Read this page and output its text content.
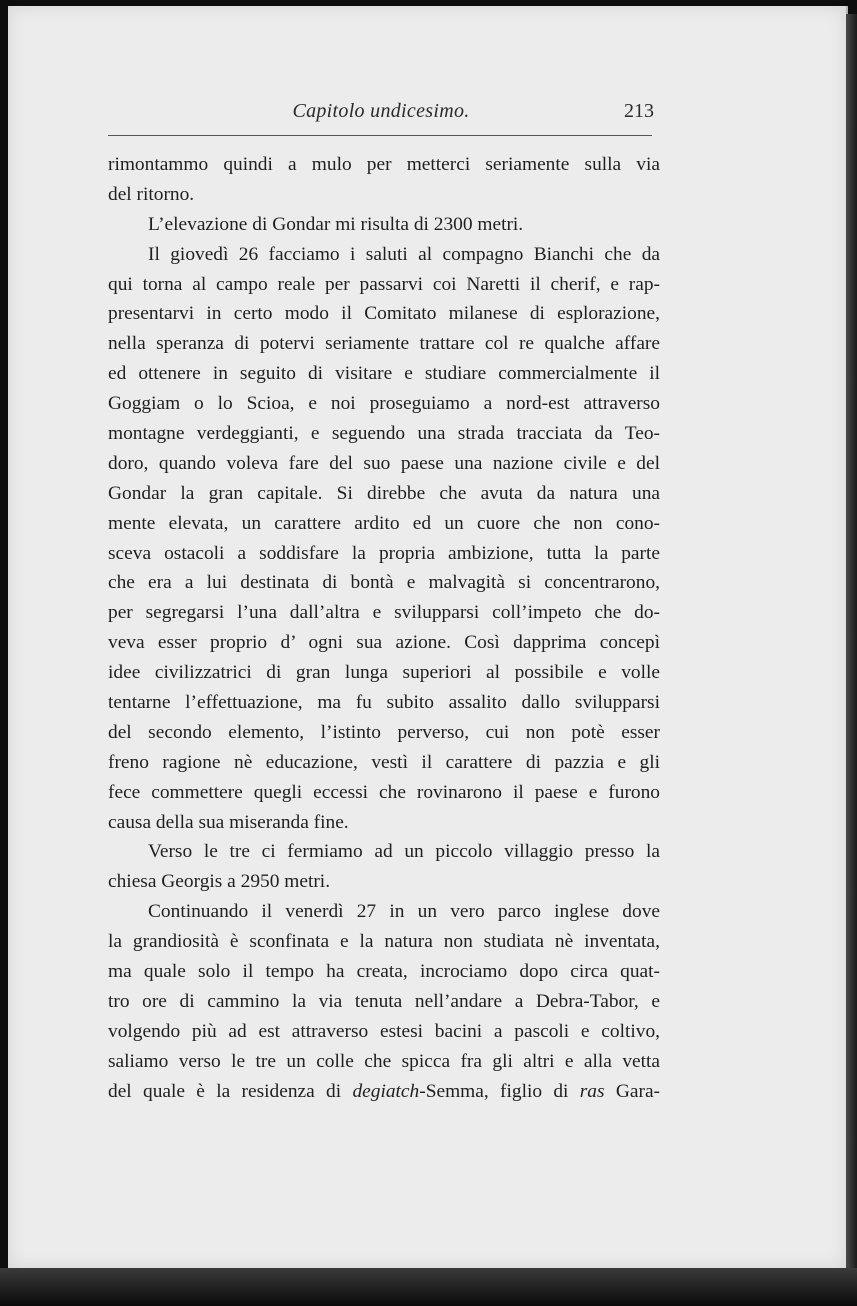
Capitolo undicesimo.	213
rimontammo quindi a mulo per metterci seriamente sulla via
del ritorno.
L’elevazione di Gondar mi risulta di 2300 metri.
Il giovedì 26 facciamo i saluti al compagno Bianchi che da
qui torna al campo reale per passarvi coi Naretti il cherif, e rap-
presentarvi in certo modo il Comitato milanese di esplorazione,
nella speranza di potervi seriamente trattare col re qualche affare
ed ottenere in seguito di visitare e studiare commercialmente il
Goggiam o lo Scioa, e noi proseguiamo a nord-est attraverso
montagne verdeggianti, e seguendo una strada tracciata da Teo-
doro, quando voleva fare del suo paese una nazione civile e del
Gondar la gran capitale. Si direbbe che avuta da natura una
mente elevata, un carattere ardito ed un cuore che non cono-
sceva ostacoli a soddisfare la propria ambizione, tutta la parte
che era a lui destinata di bontà e malvagità si concentrarono,
per segregarsi l’una dall’altra e svilupparsi coll’impeto che do-
veva esser proprio d’ ogni sua azione. Così dapprima concepì
idee civilizzatrici di gran lunga superiori al possibile e volle
tentarne l’effettuazione, ma fu subito assalito dallo svilupparsi
del secondo elemento, l’istinto perverso, cui non potè esser
freno ragione nè educazione, vestì il carattere di pazzia e gli
fece commettere quegli eccessi che rovinarono il paese e furono
causa della sua miseranda fine.
Verso le tre ci fermiamo ad un piccolo villaggio presso la
chiesa Georgis a 2950 metri.
Continuando il venerdì 27 in un vero parco inglese dove
la grandiosità è sconfinata e la natura non studiata nè inventata,
ma quale solo il tempo ha creata, incrociamo dopo circa quat-
tro ore di cammino la via tenuta nell’andare a Debra-Tabor, e
volgendo più ad est attraverso estesi bacini a pascoli e coltivo,
saliamo verso le tre un colle che spicca fra gli altri e alla vetta
del quale è la residenza di degiatch-Semma, figlio di ras Gara-
